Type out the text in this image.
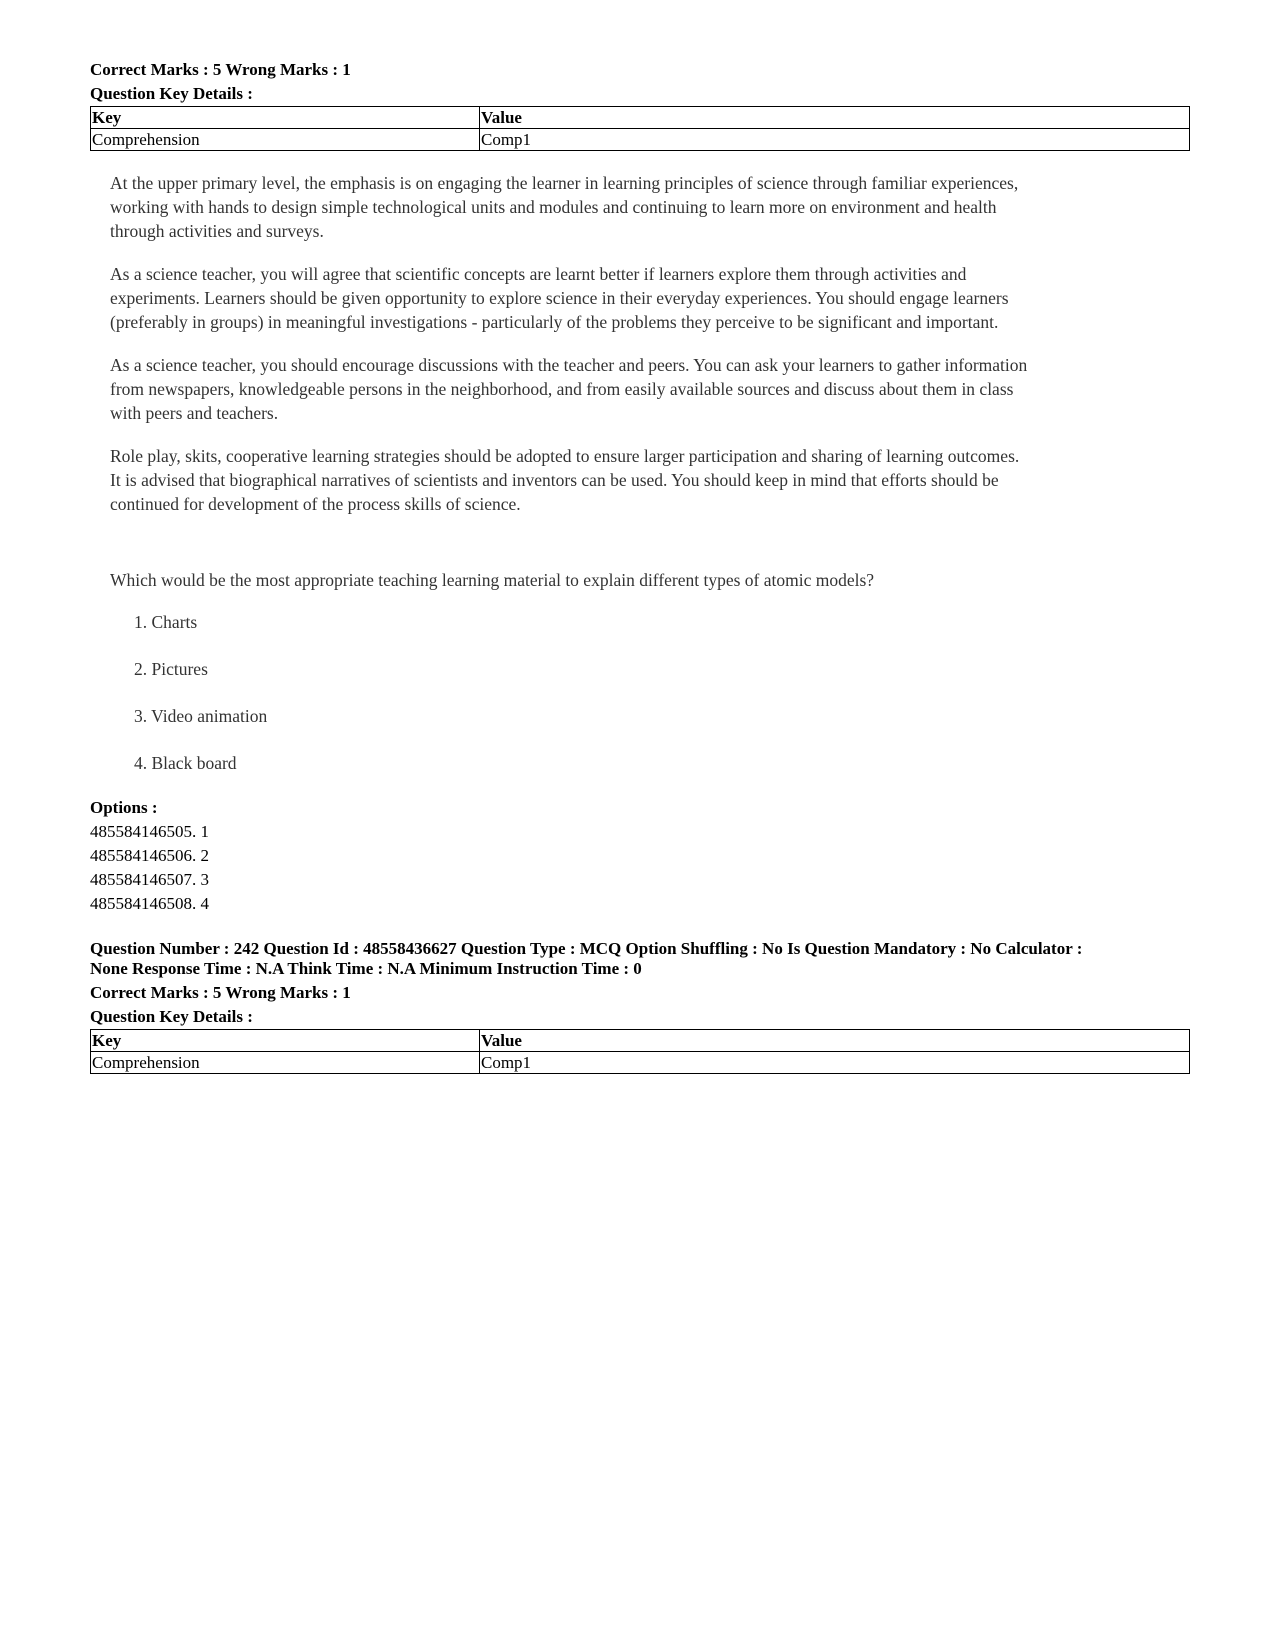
Correct Marks : 5 Wrong Marks : 1

Question Key Details :

Key	Value
Comprehension	Comp1

At the upper primary level, the emphasis is on engaging the learner in learning principles of science through familiar experiences, working with hands to design simple technological units and modules and continuing to learn more on environment and health through activities and surveys.

As a science teacher, you will agree that scientific concepts are learnt better if learners explore them through activities and experiments. Learners should be given opportunity to explore science in their everyday experiences. You should engage learners (preferably in groups) in meaningful investigations - particularly of the problems they perceive to be significant and important.

As a science teacher, you should encourage discussions with the teacher and peers. You can ask your learners to gather information from newspapers, knowledgeable persons in the neighborhood, and from easily available sources and discuss about them in class with peers and teachers.

Role play, skits, cooperative learning strategies should be adopted to ensure larger participation and sharing of learning outcomes. It is advised that biographical narratives of scientists and inventors can be used. You should keep in mind that efforts should be continued for development of the process skills of science.

Which would be the most appropriate teaching learning material to explain different types of atomic models?

1. Charts
2. Pictures
3. Video animation
4. Black board

Options :

485584146505. 1

485584146506. 2

485584146507. 3

485584146508. 4

Question Number : 242 Question Id : 48558436627 Question Type : MCQ Option Shuffling : No Is Question Mandatory : No Calculator :

None Response Time : N.A Think Time : N.A Minimum Instruction Time : 0

Correct Marks : 5 Wrong Marks : 1

Question Key Details :

Key	Value
Comprehension	Comp1
